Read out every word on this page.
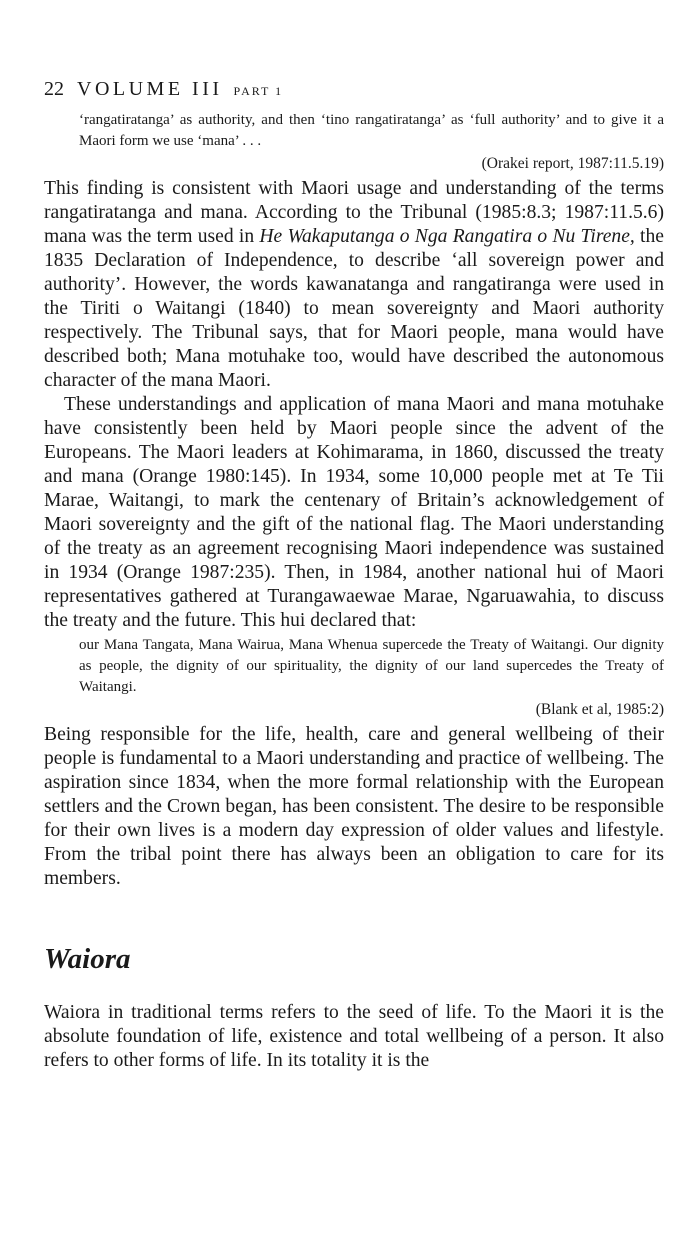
22 VOLUME III PART 1

‘rangatiratanga’ as authority, and then ‘tino rangatiratanga’ as ‘full authority’ and to give it a Maori form we use ‘mana’ . . .

(Orakei report, 1987:11.5.19)

This finding is consistent with Maori usage and understanding of the terms rangatiratanga and mana. According to the Tribunal (1985:8.3; 1987:11.5.6) mana was the term used in He Wakaputanga o Nga Rangatira o Nu Tirene, the 1835 Declaration of Independence, to describe ‘all sovereign power and authority’. However, the words kawanatanga and rangatiranga were used in the Tiriti o Waitangi (1840) to mean sovereignty and Maori authority respectively. The Tribunal says, that for Maori people, mana would have described both; Mana motuhake too, would have described the autonomous character of the mana Maori.

These understandings and application of mana Maori and mana motuhake have consistently been held by Maori people since the advent of the Europeans. The Maori leaders at Kohimarama, in 1860, discussed the treaty and mana (Orange 1980:145). In 1934, some 10,000 people met at Te Tii Marae, Waitangi, to mark the centenary of Britain’s acknowledgement of Maori sovereignty and the gift of the national flag. The Maori understanding of the treaty as an agreement recognising Maori independence was sustained in 1934 (Orange 1987:235). Then, in 1984, another national hui of Maori representatives gathered at Turangawaewae Marae, Ngaruawahia, to discuss the treaty and the future. This hui declared that:

our Mana Tangata, Mana Wairua, Mana Whenua supercede the Treaty of Waitangi. Our dignity as people, the dignity of our spirituality, the dignity of our land supercedes the Treaty of Waitangi.

(Blank et al, 1985:2)

Being responsible for the life, health, care and general wellbeing of their people is fundamental to a Maori understanding and practice of wellbeing. The aspiration since 1834, when the more formal relationship with the European settlers and the Crown began, has been consistent. The desire to be responsible for their own lives is a modern day expression of older values and lifestyle. From the tribal point there has always been an obligation to care for its members.

Waiora

Waiora in traditional terms refers to the seed of life. To the Maori it is the absolute foundation of life, existence and total wellbeing of a person. It also refers to other forms of life. In its totality it is the
